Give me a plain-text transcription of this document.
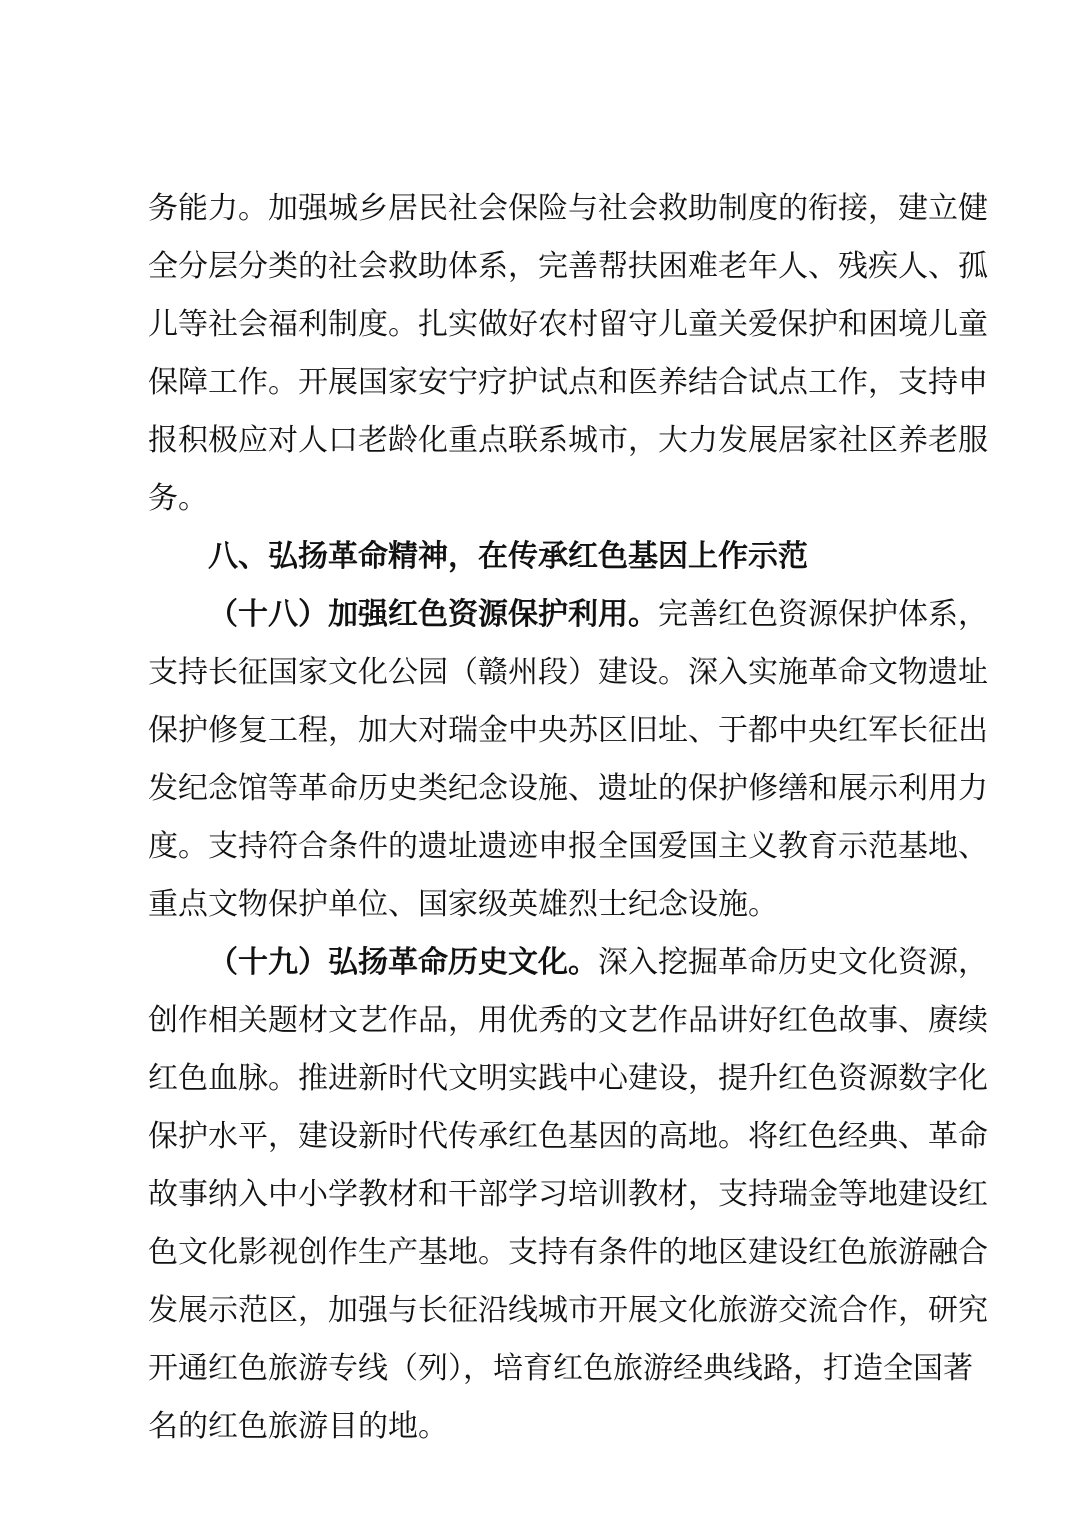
务能力。加强城乡居民社会保险与社会救助制度的衔接，建立健
全分层分类的社会救助体系，完善帮扶困难老年人、残疾人、孤
儿等社会福利制度。扎实做好农村留守儿童关爱保护和困境儿童
保障工作。开展国家安宁疗护试点和医养结合试点工作，支持申
报积极应对人口老龄化重点联系城市，大力发展居家社区养老服
务。
八、弘扬革命精神，在传承红色基因上作示范
（十八）加强红色资源保护利用。完善红色资源保护体系，
支持长征国家文化公园（赣州段）建设。深入实施革命文物遗址
保护修复工程，加大对瑞金中央苏区旧址、于都中央红军长征出
发纪念馆等革命历史类纪念设施、遗址的保护修缮和展示利用力
度。支持符合条件的遗址遗迹申报全国爱国主义教育示范基地、
重点文物保护单位、国家级英雄烈士纪念设施。
（十九）弘扬革命历史文化。深入挖掘革命历史文化资源，
创作相关题材文艺作品，用优秀的文艺作品讲好红色故事、赓续
红色血脉。推进新时代文明实践中心建设，提升红色资源数字化
保护水平，建设新时代传承红色基因的高地。将红色经典、革命
故事纳入中小学教材和干部学习培训教材，支持瑞金等地建设红
色文化影视创作生产基地。支持有条件的地区建设红色旅游融合
发展示范区，加强与长征沿线城市开展文化旅游交流合作，研究
开通红色旅游专线（列），培育红色旅游经典线路，打造全国著
名的红色旅游目的地。
